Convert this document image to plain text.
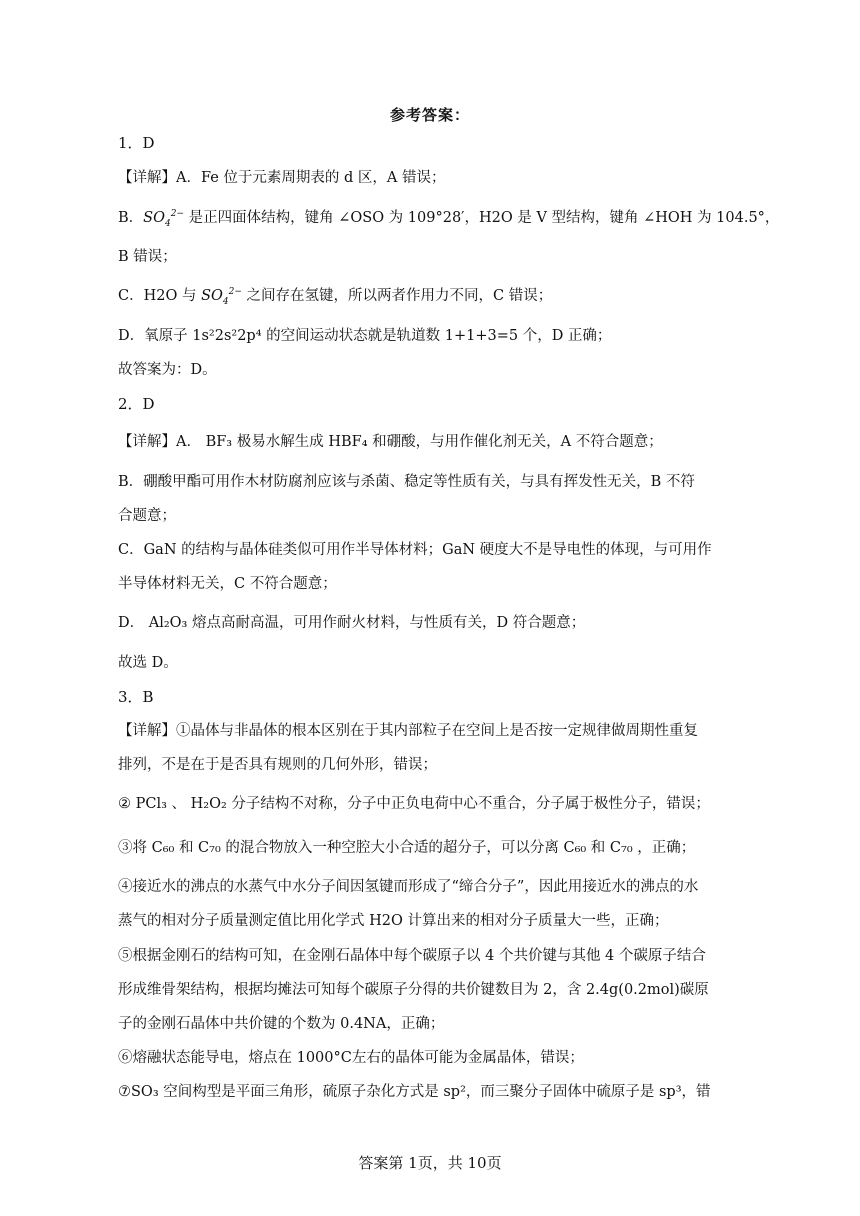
参考答案：
1．D
【详解】A．Fe 位于元素周期表的 d 区，A 错误；
B．$SO_4^{2-}$ 是正四面体结构，键角 ∠OSO 为 109°28′，H2O 是 V 型结构，键角 ∠HOH 为 104.5°，
B 错误；
C．H2O 与 $SO_4^{2-}$ 之间存在氢键，所以两者作用力不同，C 错误；
D．氧原子 1s²2s²2p⁴ 的空间运动状态就是轨道数 1+1+3=5 个，D 正确；
故答案为：D。
2．D
【详解】A． BF₃ 极易水解生成 HBF₄ 和硼酸，与用作催化剂无关，A 不符合题意；
B．硼酸甲酯可用作木材防腐剂应该与杀菌、稳定等性质有关，与具有挥发性无关，B 不符
合题意；
C．GaN 的结构与晶体硅类似可用作半导体材料；GaN 硬度大不是导电性的体现，与可用作
半导体材料无关，C 不符合题意；
D． Al₂O₃ 熔点高耐高温，可用作耐火材料，与性质有关，D 符合题意；
故选 D。
3．B
【详解】①晶体与非晶体的根本区别在于其内部粒子在空间上是否按一定规律做周期性重复
排列，不是在于是否具有规则的几何外形，错误；
② PCl₃ 、 H₂O₂ 分子结构不对称，分子中正负电荷中心不重合，分子属于极性分子，错误；
③将 C₆₀ 和 C₇₀ 的混合物放入一种空腔大小合适的超分子，可以分离 C₆₀ 和 C₇₀ ，正确；
④接近水的沸点的水蒸气中水分子间因氢键而形成了“缔合分子”，因此用接近水的沸点的水
蒸气的相对分子质量测定值比用化学式 H2O 计算出来的相对分子质量大一些，正确；
⑤根据金刚石的结构可知，在金刚石晶体中每个碳原子以 4 个共价键与其他 4 个碳原子结合
形成维骨架结构，根据均摊法可知每个碳原子分得的共价键数目为 2，含 2.4g(0.2mol)碳原
子的金刚石晶体中共价键的个数为 0.4NA，正确；
⑥熔融状态能导电，熔点在 1000°C左右的晶体可能为金属晶体，错误；
⑦SO₃ 空间构型是平面三角形，硫原子杂化方式是 sp²，而三聚分子固体中硫原子是 sp³，错
答案第 1页，共 10页
